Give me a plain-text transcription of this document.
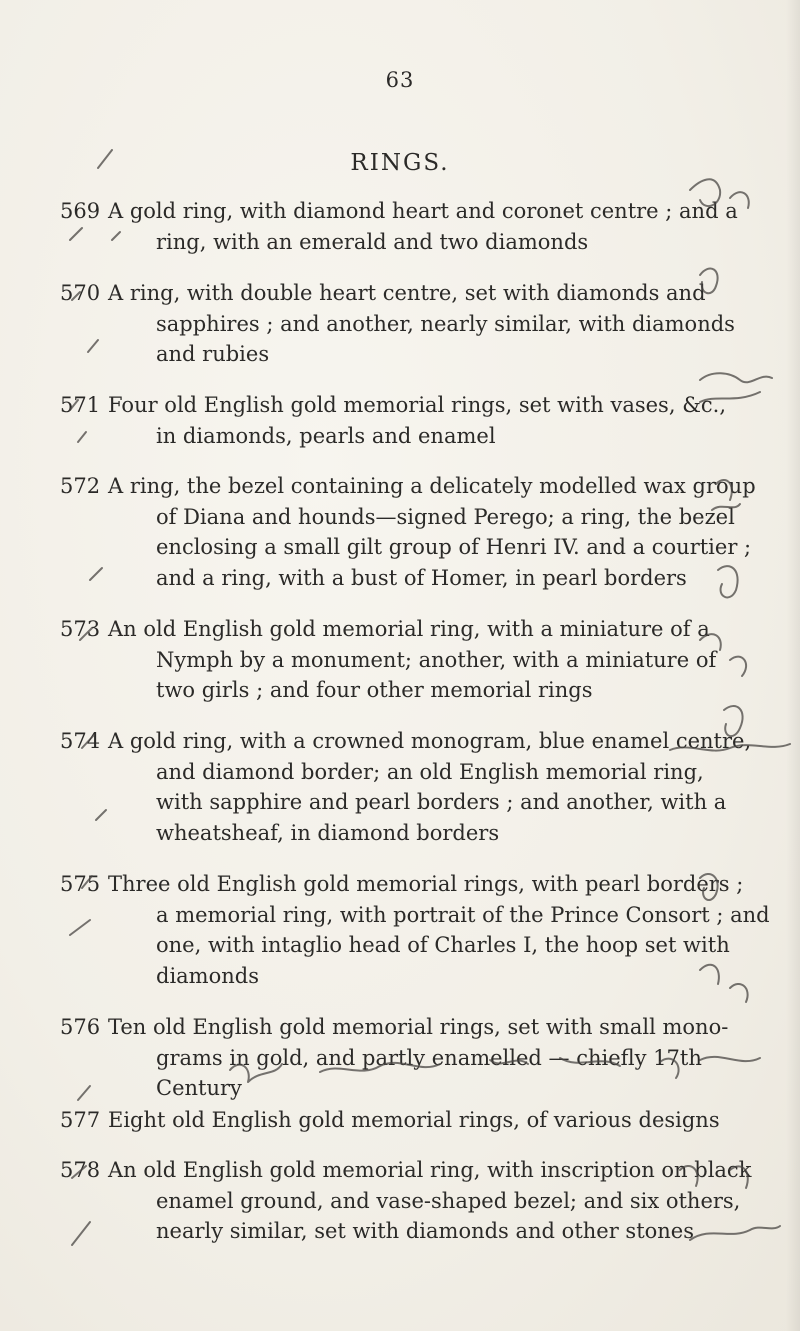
63
RINGS.
569 A gold ring, with diamond heart and coronet centre ; and a
ring, with an emerald and two diamonds
570 A ring, with double heart centre, set with diamonds and
sapphires ; and another, nearly similar, with diamonds
and rubies
571 Four old English gold memorial rings, set with vases, &c.,
in diamonds, pearls and enamel
572 A ring, the bezel containing a delicately modelled wax group
of Diana and hounds—signed Perego; a ring, the bezel
enclosing a small gilt group of Henri IV. and a courtier ;
and a ring, with a bust of Homer, in pearl borders
573 An old English gold memorial ring, with a miniature of a
Nymph by a monument; another, with a miniature of
two girls ; and four other memorial rings
574 A gold ring, with a crowned monogram, blue enamel centre,
and diamond border; an old English memorial ring,
with sapphire and pearl borders ; and another, with a
wheatsheaf, in diamond borders
575 Three old English gold memorial rings, with pearl borders ;
a memorial ring, with portrait of the Prince Consort ; and
one, with intaglio head of Charles I, the hoop set with
diamonds
576 Ten old English gold memorial rings, set with small mono-
grams in gold, and partly enamelled — chiefly 17th
Century
577 Eight old English gold memorial rings, of various designs
578 An old English gold memorial ring, with inscription on black
enamel ground, and vase-shaped bezel; and six others,
nearly similar, set with diamonds and other stones
